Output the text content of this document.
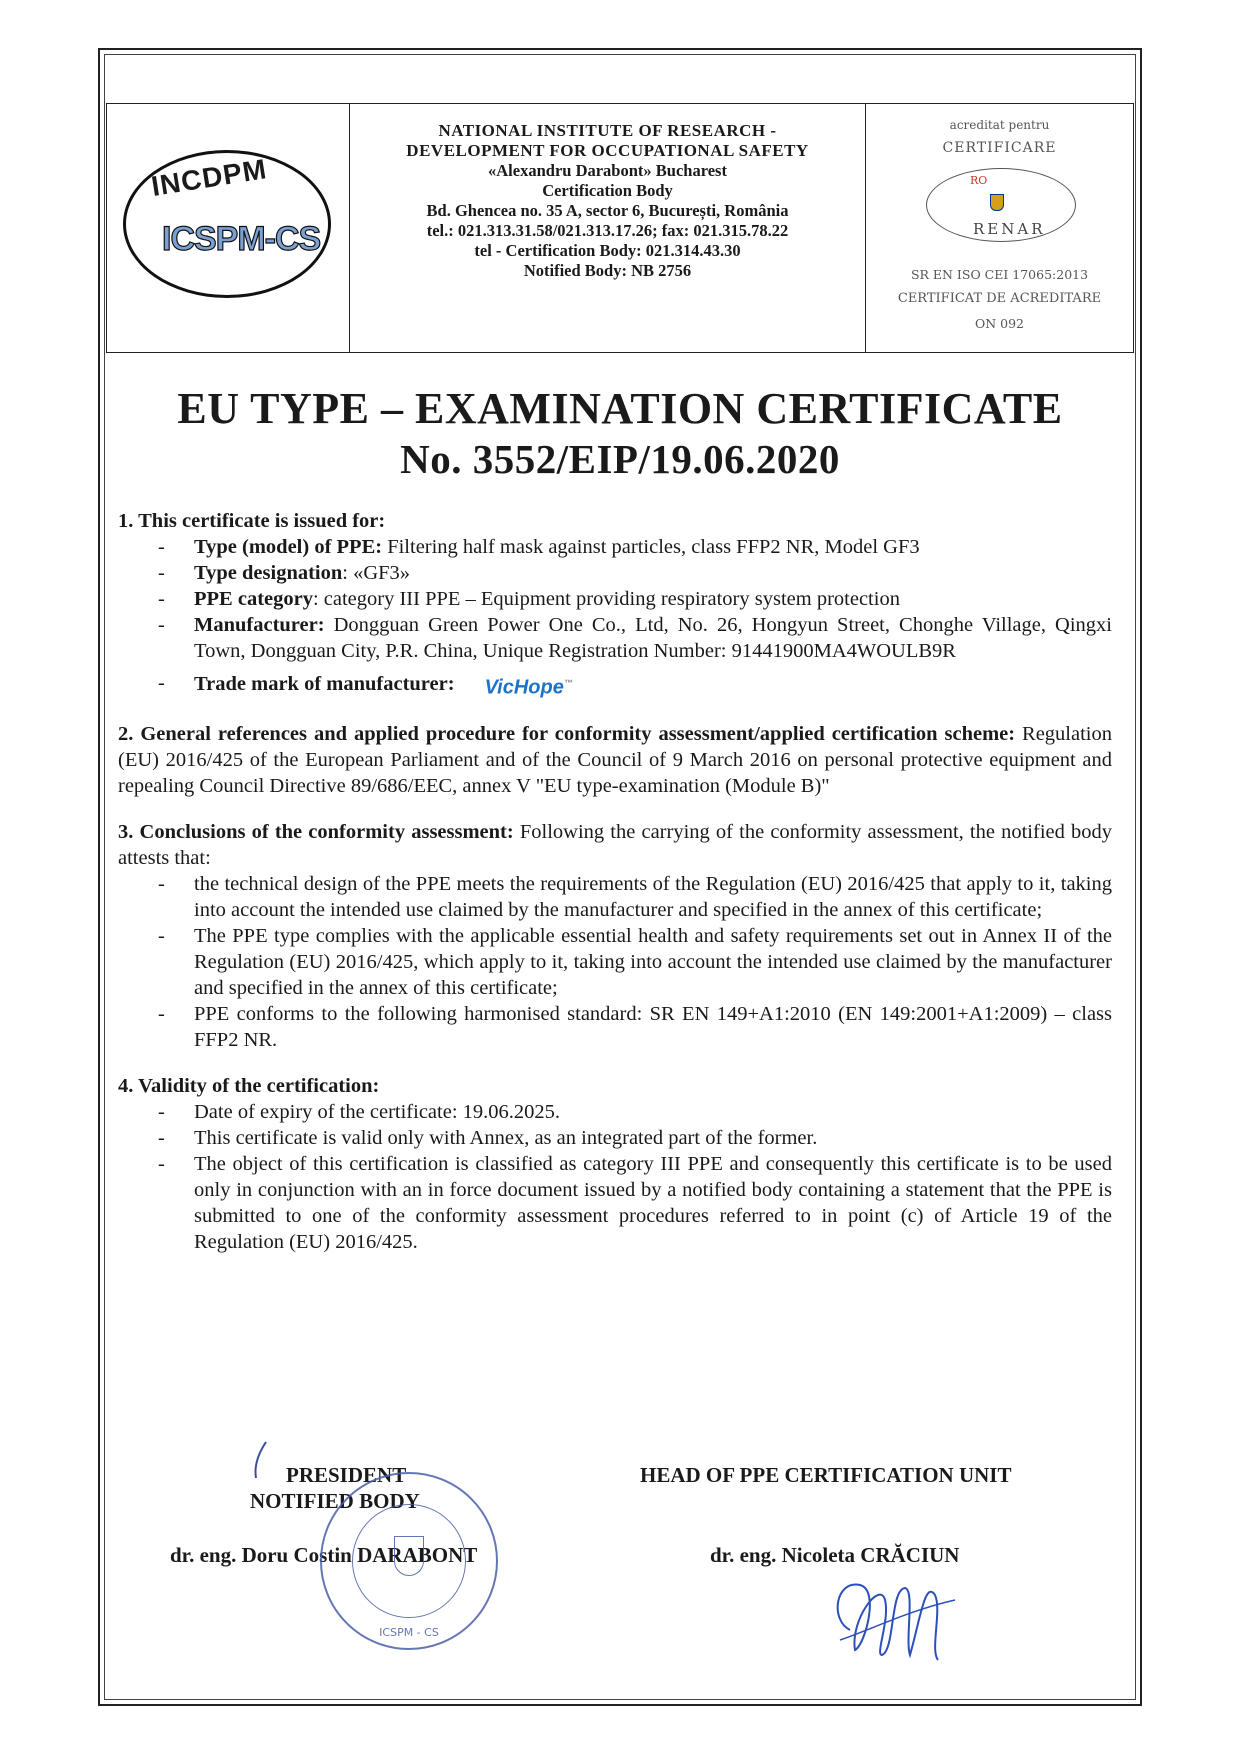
INCDPM
ICSPM-CS
NATIONAL INSTITUTE OF RESEARCH -
DEVELOPMENT FOR OCCUPATIONAL SAFETY
«Alexandru Darabont» Bucharest
Certification Body
Bd. Ghencea no. 35 A, sector 6, București, România
tel.: 021.313.31.58/021.313.17.26; fax: 021.315.78.22
tel - Certification Body: 021.314.43.30
Notified Body: NB 2756
acreditat pentru
CERTIFICARE
RO
RENAR
SR EN ISO CEI 17065:2013
CERTIFICAT DE ACREDITARE
ON 092
EU TYPE – EXAMINATION CERTIFICATE
No. 3552/EIP/19.06.2020
1. This certificate is issued for:
- Type (model) of PPE: Filtering half mask against particles, class FFP2 NR, Model GF3
- Type designation: «GF3»
- PPE category: category III PPE – Equipment providing respiratory system protection
- Manufacturer: Dongguan Green Power One Co., Ltd, No. 26, Hongyun Street, Chonghe Village, Qingxi Town, Dongguan City, P.R. China, Unique Registration Number: 91441900MA4WOULB9R
- Trade mark of manufacturer: VicHope™
2. General references and applied procedure for conformity assessment/applied certification scheme: Regulation (EU) 2016/425 of the European Parliament and of the Council of 9 March 2016 on personal protective equipment and repealing Council Directive 89/686/EEC, annex V "EU type-examination (Module B)"
3. Conclusions of the conformity assessment: Following the carrying of the conformity assessment, the notified body attests that:
- the technical design of the PPE meets the requirements of the Regulation (EU) 2016/425 that apply to it, taking into account the intended use claimed by the manufacturer and specified in the annex of this certificate;
- The PPE type complies with the applicable essential health and safety requirements set out in Annex II of the Regulation (EU) 2016/425, which apply to it, taking into account the intended use claimed by the manufacturer and specified in the annex of this certificate;
- PPE conforms to the following harmonised standard: SR EN 149+A1:2010 (EN 149:2001+A1:2009) – class FFP2 NR.
4. Validity of the certification:
- Date of expiry of the certificate: 19.06.2025.
- This certificate is valid only with Annex, as an integrated part of the former.
- The object of this certification is classified as category III PPE and consequently this certificate is to be used only in conjunction with an in force document issued by a notified body containing a statement that the PPE is submitted to one of the conformity assessment procedures referred to in point (c) of Article 19 of the Regulation (EU) 2016/425.
PRESIDENT
NOTIFIED BODY
dr. eng. Doru Costin DARABONT
HEAD OF PPE CERTIFICATION UNIT
dr. eng. Nicoleta CRĂCIUN
ICSPM - CS
